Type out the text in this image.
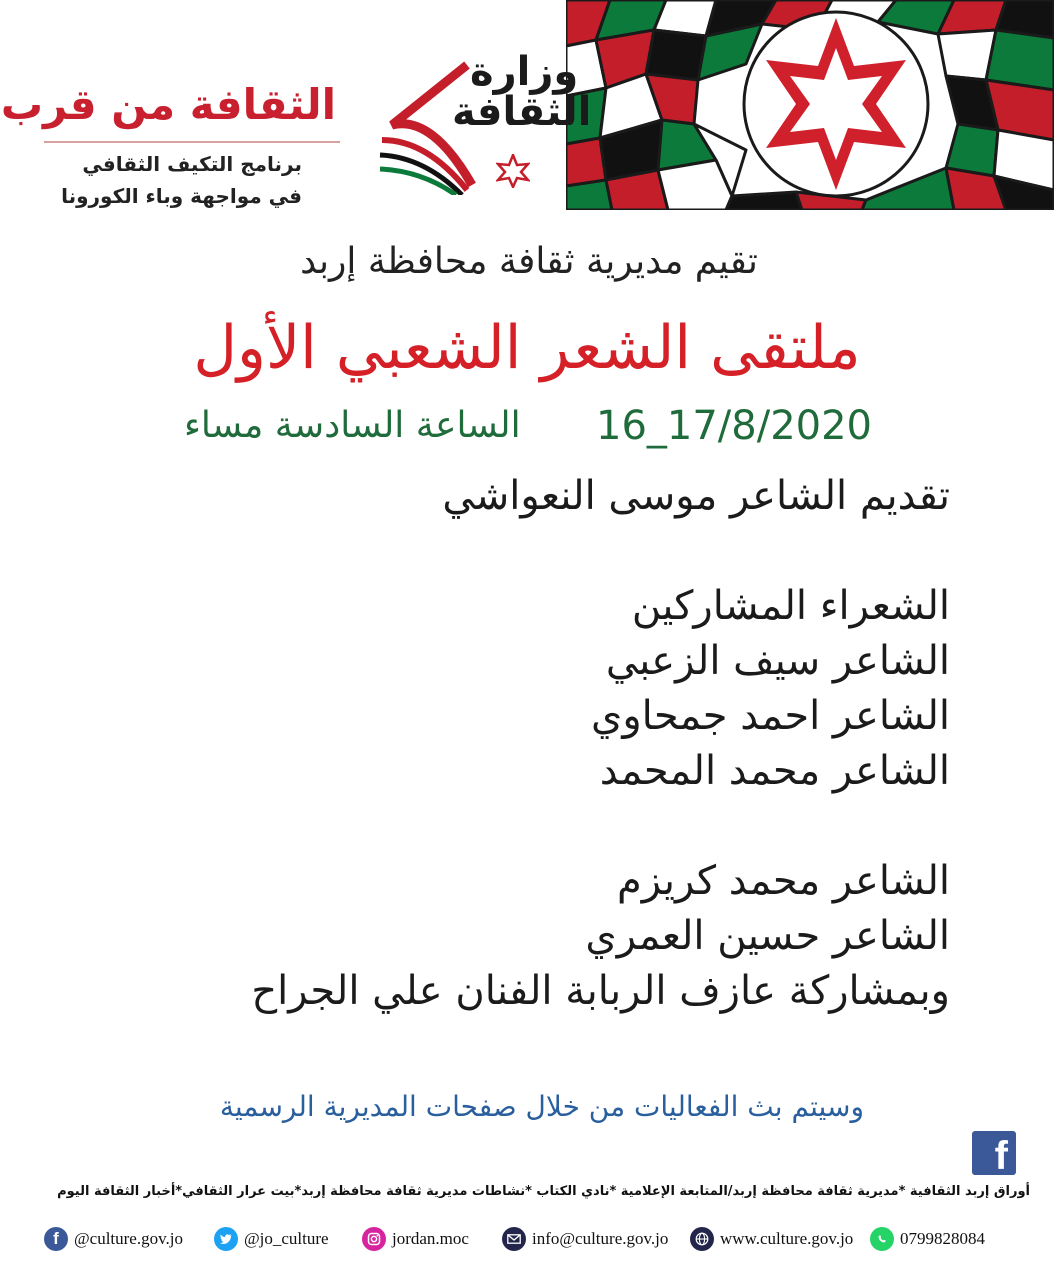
وزارة
الثقافة
الثقافة من قرب
برنامج التكيف الثقافي
في مواجهة وباء الكورونا
تقيم مديرية ثقافة محافظة إربد
ملتقى الشعر الشعبي الأول
16_17/8/2020
الساعة السادسة مساء
تقديم الشاعر موسى النعواشي
الشعراء المشاركين
الشاعر سيف الزعبي
الشاعر احمد جمحاوي
الشاعر محمد المحمد
الشاعر محمد كريزم
الشاعر حسين العمري
وبمشاركة عازف الربابة الفنان علي الجراح
وسيتم بث الفعاليات من خلال صفحات المديرية الرسمية
f
أوراق إربد الثقافية *مديرية ثقافة محافظة إربد/المتابعة الإعلامية *نادي الكتاب *نشاطات مديرية ثقافة محافظة إربد*بيت عرار الثقافي*أخبار الثقافة اليوم
f @culture.gov.jo	@jo_culture	jordan.moc	info@culture.gov.jo	www.culture.gov.jo	0799828084
